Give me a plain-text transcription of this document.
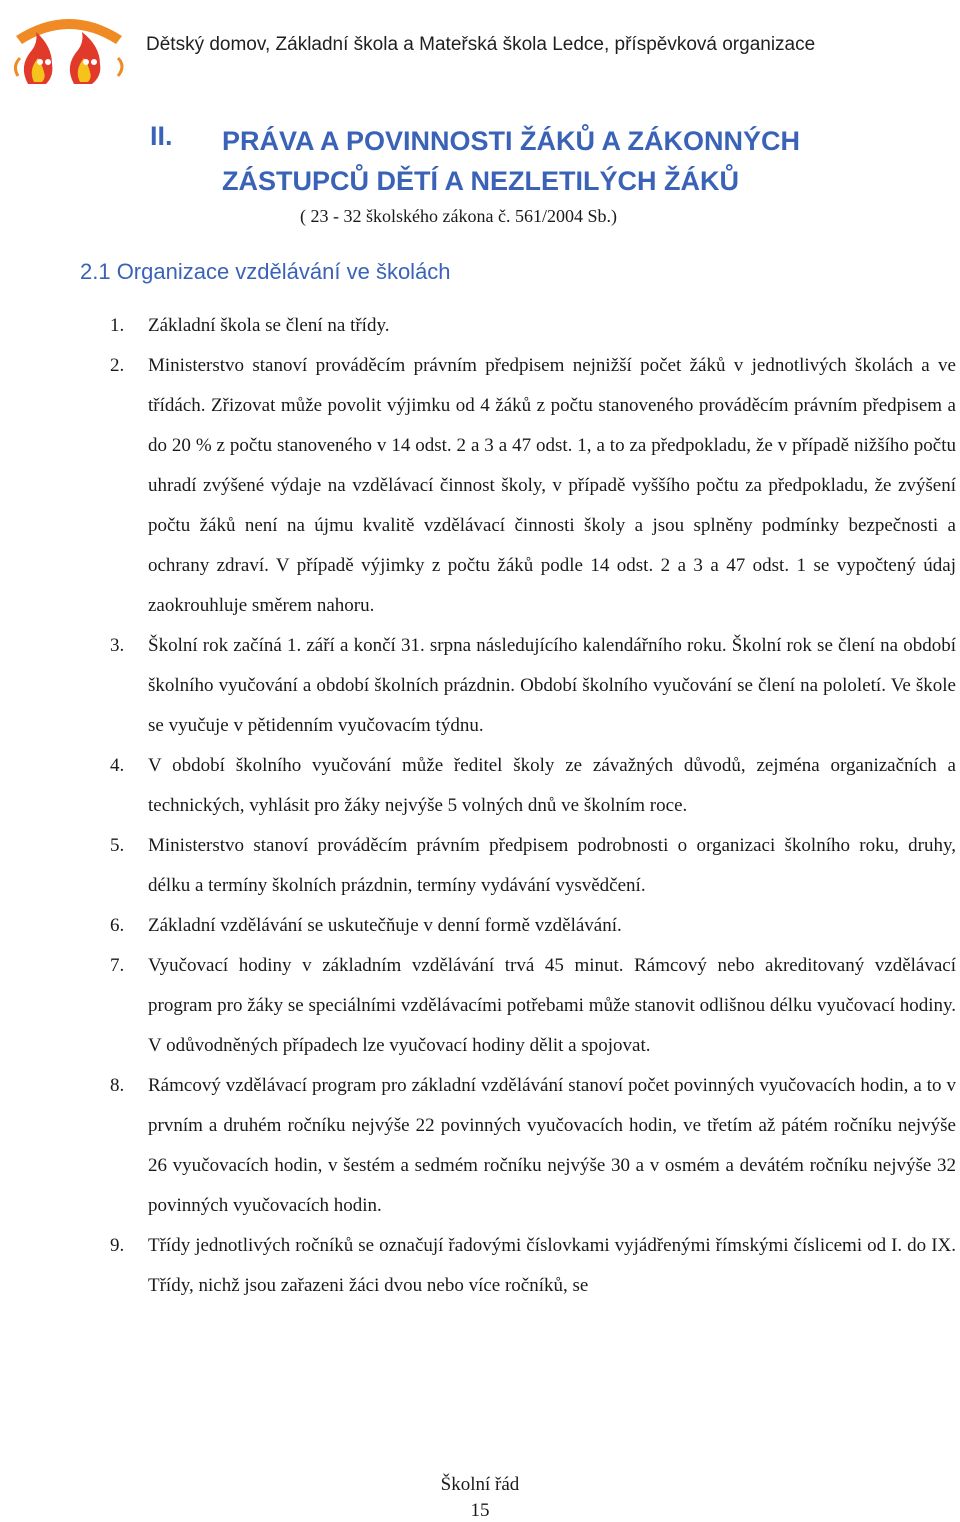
Dětský domov, Základní škola a Mateřská škola Ledce, příspěvková organizace
II. PRÁVA A POVINNOSTI ŽÁKŮ A ZÁKONNÝCH ZÁSTUPCŮ DĚTÍ A NEZLETILÝCH ŽÁKŮ
( 23 - 32 školského zákona č. 561/2004 Sb.)
2.1 Organizace vzdělávání ve školách
1. Základní škola se člení na třídy.
2. Ministerstvo stanoví prováděcím právním předpisem nejnižší počet žáků v jednotlivých školách a ve třídách. Zřizovat může povolit výjimku od 4 žáků z počtu stanoveného prováděcím právním předpisem a do 20 % z počtu stanoveného v 14 odst. 2 a 3 a 47 odst. 1, a to za předpokladu, že v případě nižšího počtu uhradí zvýšené výdaje na vzdělávací činnost školy, v případě vyššího počtu za předpokladu, že zvýšení počtu žáků není na újmu kvalitě vzdělávací činnosti školy a jsou splněny podmínky bezpečnosti a ochrany zdraví. V případě výjimky z počtu žáků podle 14 odst. 2 a 3 a 47 odst. 1 se vypočtený údaj zaokrouhluje směrem nahoru.
3. Školní rok začíná 1. září a končí 31. srpna následujícího kalendářního roku. Školní rok se člení na období školního vyučování a období školních prázdnin. Období školního vyučování se člení na pololetí. Ve škole se vyučuje v pětidenním vyučovacím týdnu.
4. V období školního vyučování může ředitel školy ze závažných důvodů, zejména organizačních a technických, vyhlásit pro žáky nejvýše 5 volných dnů ve školním roce.
5. Ministerstvo stanoví prováděcím právním předpisem podrobnosti o organizaci školního roku, druhy, délku a termíny školních prázdnin, termíny vydávání vysvědčení.
6. Základní vzdělávání se uskutečňuje v denní formě vzdělávání.
7. Vyučovací hodiny v základním vzdělávání trvá 45 minut. Rámcový nebo akreditovaný vzdělávací program pro žáky se speciálními vzdělávacími potřebami může stanovit odlišnou délku vyučovací hodiny. V odůvodněných případech lze vyučovací hodiny dělit a spojovat.
8. Rámcový vzdělávací program pro základní vzdělávání stanoví počet povinných vyučovacích hodin, a to v prvním a druhém ročníku nejvýše 22 povinných vyučovacích hodin, ve třetím až pátém ročníku nejvýše 26 vyučovacích hodin, v šestém a sedmém ročníku nejvýše 30 a v osmém a devátém ročníku nejvýše 32 povinných vyučovacích hodin.
9. Třídy jednotlivých ročníků se označují řadovými číslovkami vyjádřenými římskými číslicemi od I. do IX. Třídy, nichž jsou zařazeni žáci dvou nebo více ročníků, se
Školní řád
15
